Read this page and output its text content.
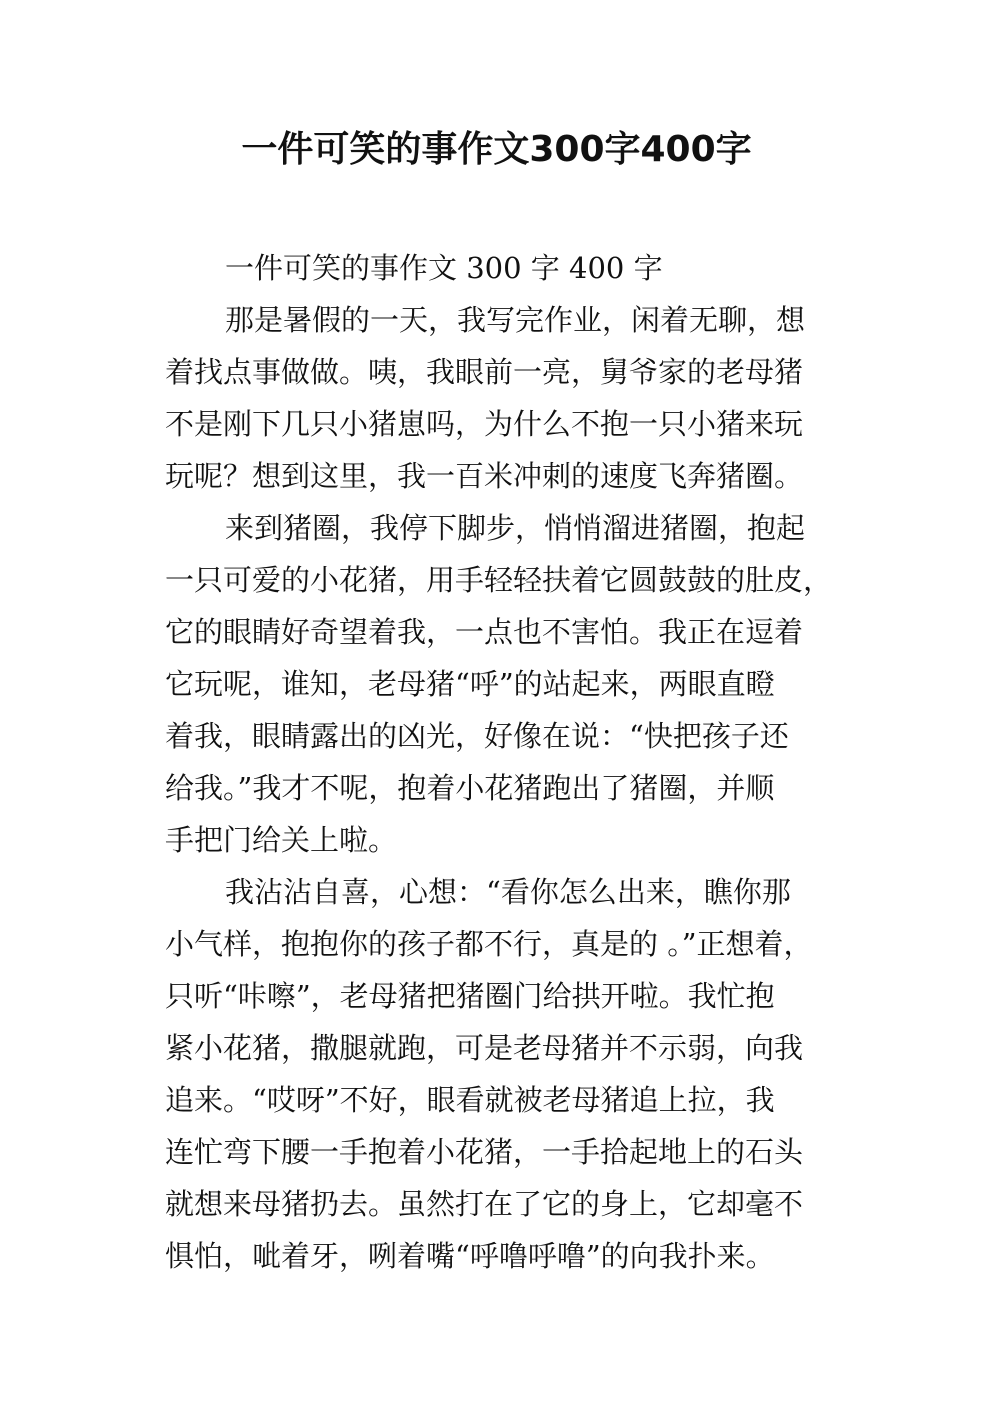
一件可笑的事作文300字400字
一件可笑的事作文 300 字 400 字
那是暑假的一天，我写完作业，闲着无聊，想
着找点事做做。咦，我眼前一亮，舅爷家的老母猪
不是刚下几只小猪崽吗，为什么不抱一只小猪来玩
玩呢？想到这里，我一百米冲刺的速度飞奔猪圈。
来到猪圈，我停下脚步，悄悄溜进猪圈，抱起
一只可爱的小花猪，用手轻轻扶着它圆鼓鼓的肚皮，
它的眼睛好奇望着我，一点也不害怕。我正在逗着
它玩呢，谁知，老母猪“呼”的站起来，两眼直瞪
着我，眼睛露出的凶光，好像在说：“快把孩子还
给我。”我才不呢，抱着小花猪跑出了猪圈，并顺
手把门给关上啦。
我沾沾自喜，心想：“看你怎么出来，瞧你那
小气样，抱抱你的孩子都不行，真是的 。”正想着，
只听“咔嚓”，老母猪把猪圈门给拱开啦。我忙抱
紧小花猪，撒腿就跑，可是老母猪并不示弱，向我
追来。“哎呀”不好，眼看就被老母猪追上拉，我
连忙弯下腰一手抱着小花猪，一手拾起地上的石头
就想来母猪扔去。虽然打在了它的身上，它却毫不
惧怕，呲着牙，咧着嘴“呼噜呼噜”的向我扑来。
